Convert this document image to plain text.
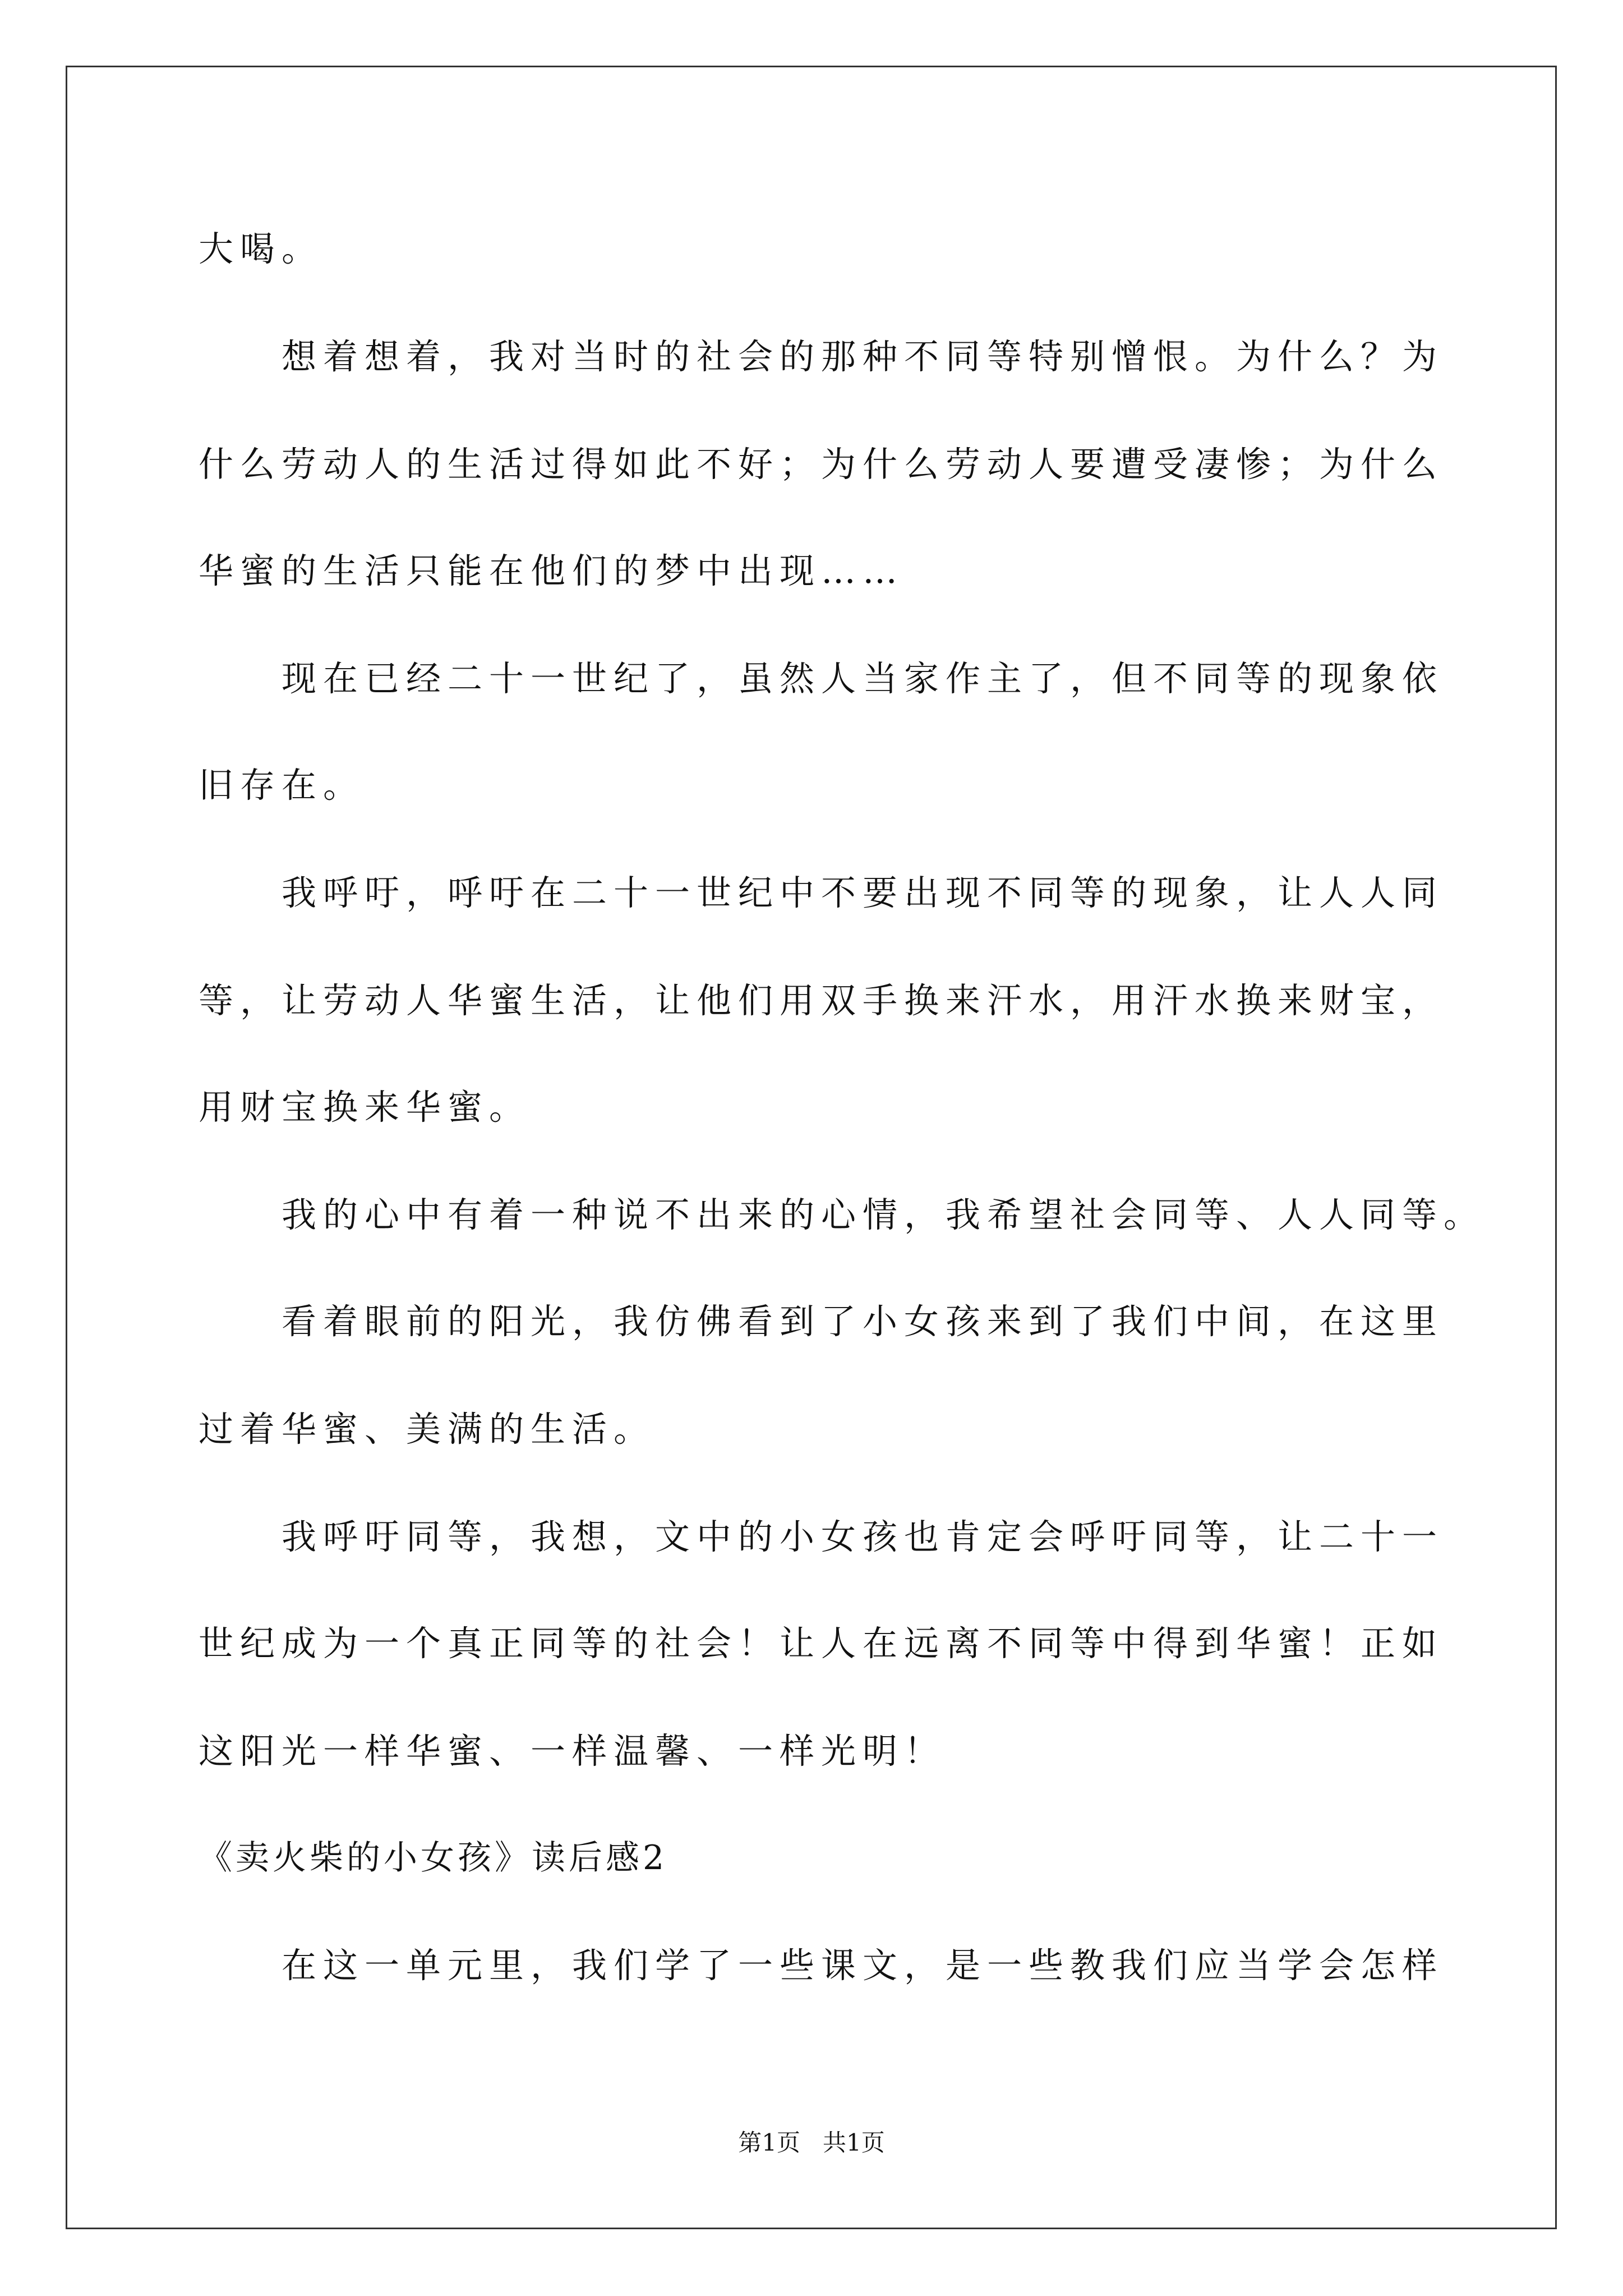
大喝。
想着想着，我对当时的社会的那种不同等特别憎恨。为什么？为
什么劳动人的生活过得如此不好；为什么劳动人要遭受凄惨；为什么
华蜜的生活只能在他们的梦中出现……
现在已经二十一世纪了，虽然人当家作主了，但不同等的现象依
旧存在。
我呼吁，呼吁在二十一世纪中不要出现不同等的现象，让人人同
等，让劳动人华蜜生活，让他们用双手换来汗水，用汗水换来财宝，
用财宝换来华蜜。
我的心中有着一种说不出来的心情，我希望社会同等、人人同等。
看着眼前的阳光，我仿佛看到了小女孩来到了我们中间，在这里
过着华蜜、美满的生活。
我呼吁同等，我想，文中的小女孩也肯定会呼吁同等，让二十一
世纪成为一个真正同等的社会！让人在远离不同等中得到华蜜！正如
这阳光一样华蜜、一样温馨、一样光明！
《卖火柴的小女孩》读后感2
在这一单元里，我们学了一些课文，是一些教我们应当学会怎样
第1页   共1页
